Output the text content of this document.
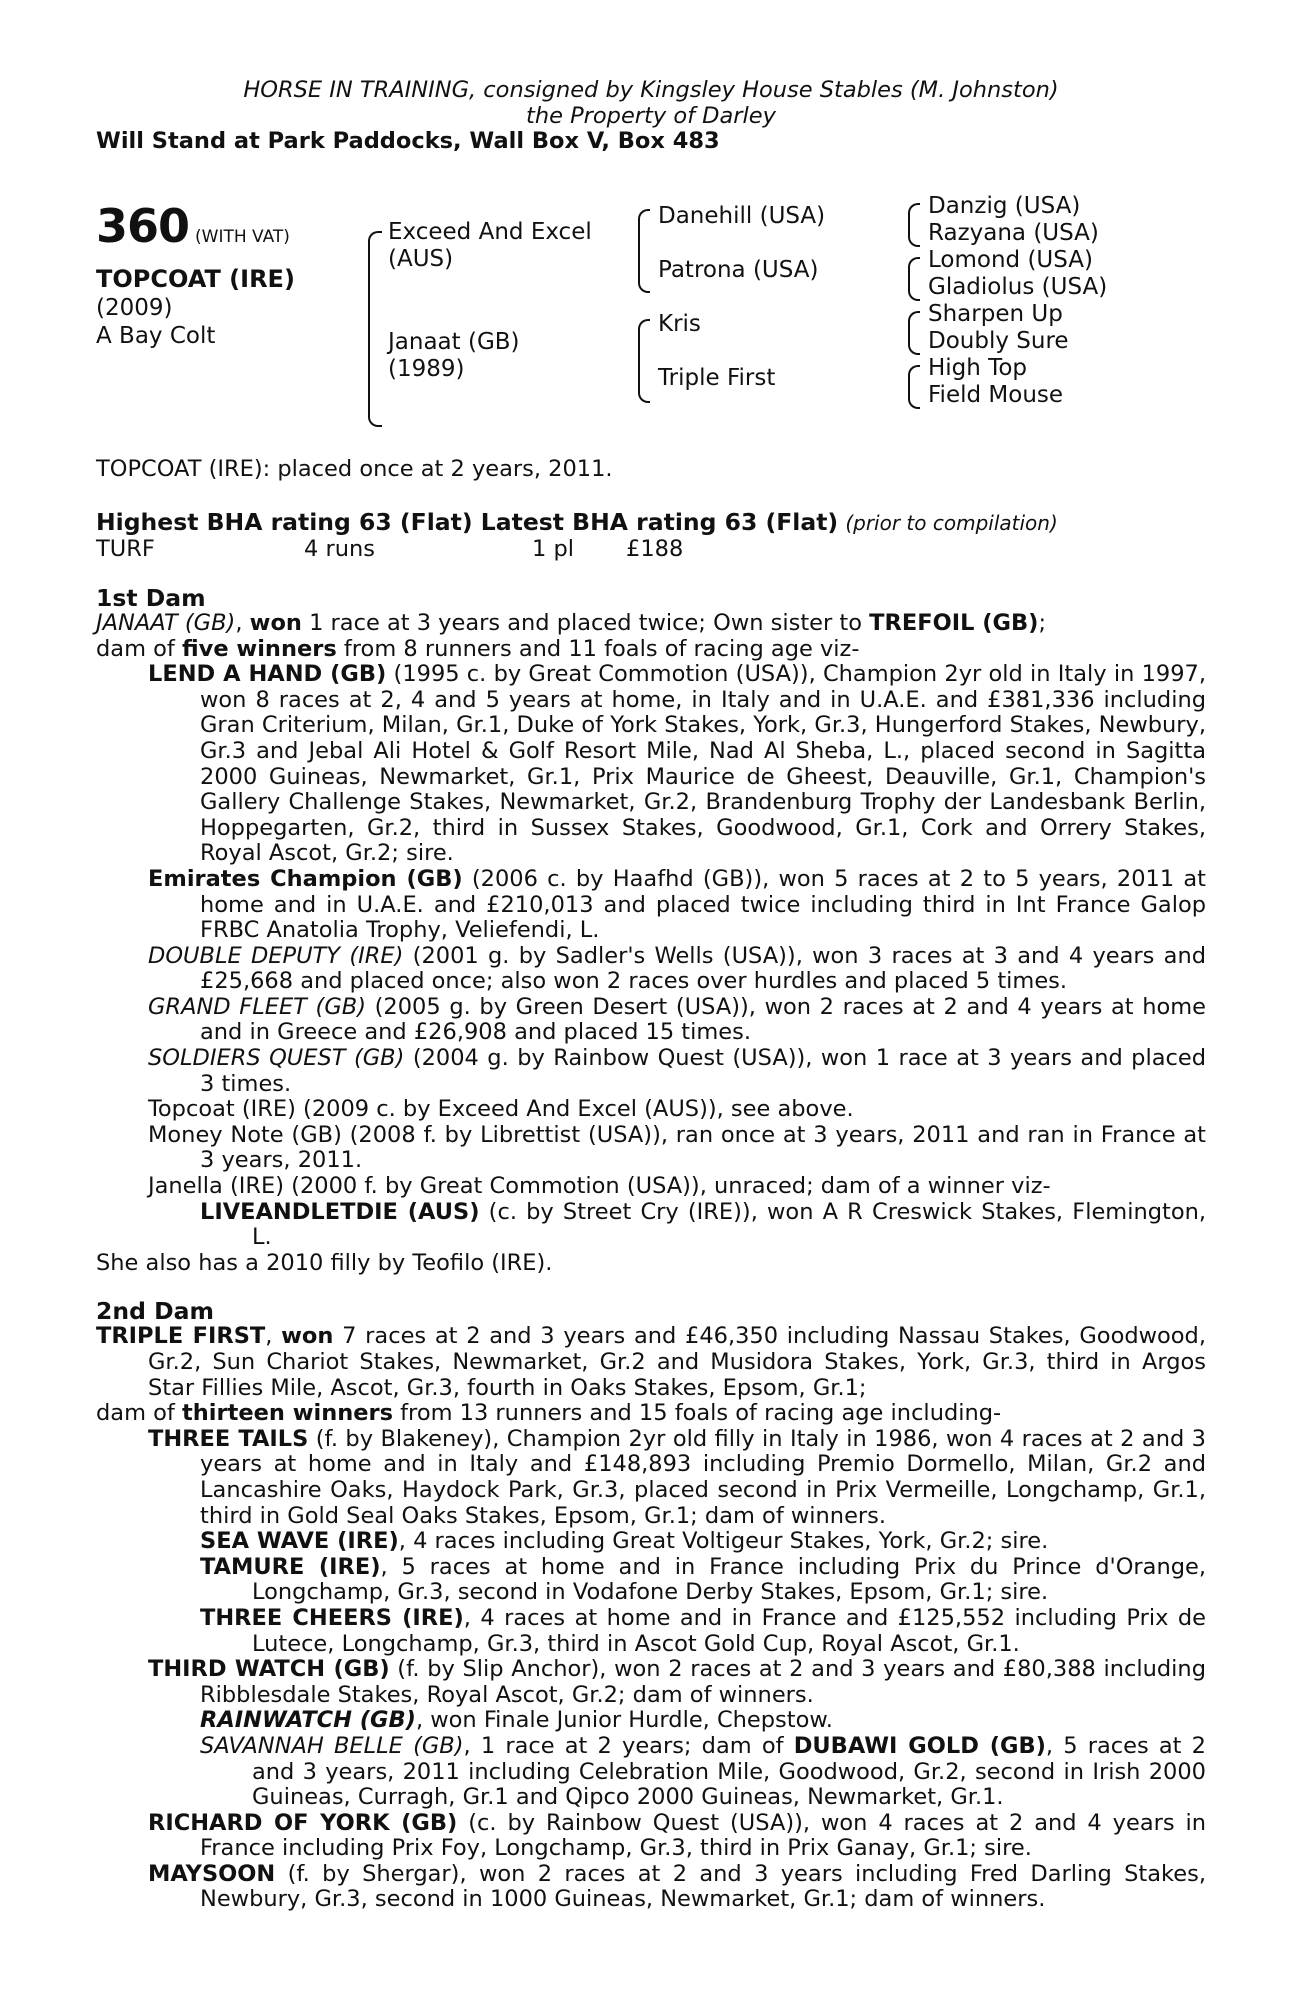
HORSE IN TRAINING, consigned by Kingsley House Stables (M. Johnston)
the Property of Darley
Will Stand at Park Paddocks, Wall Box V, Box 483
360 (WITH VAT)
TOPCOAT (IRE)
(2009)
A Bay Colt
Exceed And Excel
(AUS)
Janaat (GB)
(1989)
Danehill (USA)
Patrona (USA)
Kris
Triple First
Danzig (USA)
Razyana (USA)
Lomond (USA)
Gladiolus (USA)
Sharpen Up
Doubly Sure
High Top
Field Mouse
TOPCOAT (IRE): placed once at 2 years, 2011.
Highest BHA rating 63 (Flat) Latest BHA rating 63 (Flat) (prior to compilation)
TURF	4 runs	1 pl	£188
1st Dam

JANAAT (GB), won 1 race at 3 years and placed twice; Own sister to TREFOIL (GB);

dam of five winners from 8 runners and 11 foals of racing age viz-

LEND A HAND (GB) (1995 c. by Great Commotion (USA)), Champion 2yr old in Italy in 1997, won 8 races at 2, 4 and 5 years at home, in Italy and in U.A.E. and £381,336 including Gran Criterium, Milan, Gr.1, Duke of York Stakes, York, Gr.3, Hungerford Stakes, Newbury, Gr.3 and Jebal Ali Hotel & Golf Resort Mile, Nad Al Sheba, L., placed second in Sagitta 2000 Guineas, Newmarket, Gr.1, Prix Maurice de Gheest, Deauville, Gr.1, Champion's Gallery Challenge Stakes, Newmarket, Gr.2, Brandenburg Trophy der Landesbank Berlin, Hoppegarten, Gr.2, third in Sussex Stakes, Goodwood, Gr.1, Cork and Orrery Stakes, Royal Ascot, Gr.2; sire.

Emirates Champion (GB) (2006 c. by Haafhd (GB)), won 5 races at 2 to 5 years, 2011 at home and in U.A.E. and £210,013 and placed twice including third in Int France Galop FRBC Anatolia Trophy, Veliefendi, L.

DOUBLE DEPUTY (IRE) (2001 g. by Sadler's Wells (USA)), won 3 races at 3 and 4 years and £25,668 and placed once; also won 2 races over hurdles and placed 5 times.

GRAND FLEET (GB) (2005 g. by Green Desert (USA)), won 2 races at 2 and 4 years at home and in Greece and £26,908 and placed 15 times.

SOLDIERS QUEST (GB) (2004 g. by Rainbow Quest (USA)), won 1 race at 3 years and placed 3 times.

Topcoat (IRE) (2009 c. by Exceed And Excel (AUS)), see above.

Money Note (GB) (2008 f. by Librettist (USA)), ran once at 3 years, 2011 and ran in France at 3 years, 2011.

Janella (IRE) (2000 f. by Great Commotion (USA)), unraced; dam of a winner viz-

LIVEANDLETDIE (AUS) (c. by Street Cry (IRE)), won A R Creswick Stakes, Flemington, L.

She also has a 2010 filly by Teofilo (IRE).

2nd Dam

TRIPLE FIRST, won 7 races at 2 and 3 years and £46,350 including Nassau Stakes, Goodwood, Gr.2, Sun Chariot Stakes, Newmarket, Gr.2 and Musidora Stakes, York, Gr.3, third in Argos Star Fillies Mile, Ascot, Gr.3, fourth in Oaks Stakes, Epsom, Gr.1;

dam of thirteen winners from 13 runners and 15 foals of racing age including-

THREE TAILS (f. by Blakeney), Champion 2yr old filly in Italy in 1986, won 4 races at 2 and 3 years at home and in Italy and £148,893 including Premio Dormello, Milan, Gr.2 and Lancashire Oaks, Haydock Park, Gr.3, placed second in Prix Vermeille, Longchamp, Gr.1, third in Gold Seal Oaks Stakes, Epsom, Gr.1; dam of winners.

SEA WAVE (IRE), 4 races including Great Voltigeur Stakes, York, Gr.2; sire.

TAMURE (IRE), 5 races at home and in France including Prix du Prince d'Orange, Longchamp, Gr.3, second in Vodafone Derby Stakes, Epsom, Gr.1; sire.

THREE CHEERS (IRE), 4 races at home and in France and £125,552 including Prix de Lutece, Longchamp, Gr.3, third in Ascot Gold Cup, Royal Ascot, Gr.1.

THIRD WATCH (GB) (f. by Slip Anchor), won 2 races at 2 and 3 years and £80,388 including Ribblesdale Stakes, Royal Ascot, Gr.2; dam of winners.

RAINWATCH (GB), won Finale Junior Hurdle, Chepstow.

SAVANNAH BELLE (GB), 1 race at 2 years; dam of DUBAWI GOLD (GB), 5 races at 2 and 3 years, 2011 including Celebration Mile, Goodwood, Gr.2, second in Irish 2000 Guineas, Curragh, Gr.1 and Qipco 2000 Guineas, Newmarket, Gr.1.

RICHARD OF YORK (GB) (c. by Rainbow Quest (USA)), won 4 races at 2 and 4 years in France including Prix Foy, Longchamp, Gr.3, third in Prix Ganay, Gr.1; sire.

MAYSOON (f. by Shergar), won 2 races at 2 and 3 years including Fred Darling Stakes, Newbury, Gr.3, second in 1000 Guineas, Newmarket, Gr.1; dam of winners.
